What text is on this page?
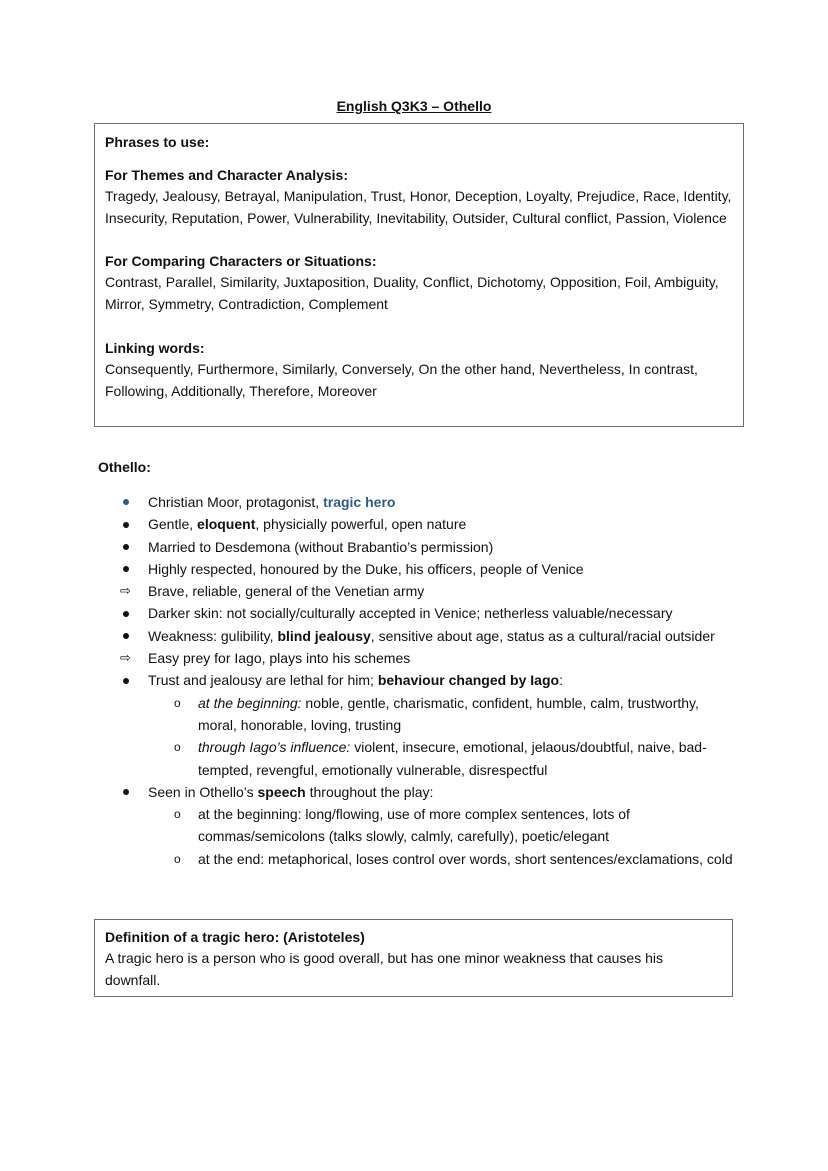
English Q3K3 – Othello

Phrases to use:

For Themes and Character Analysis:

Tragedy, Jealousy, Betrayal, Manipulation, Trust, Honor, Deception, Loyalty, Prejudice, Race, Identity, Insecurity, Reputation, Power, Vulnerability, Inevitability, Outsider, Cultural conflict, Passion, Violence

For Comparing Characters or Situations:

Contrast, Parallel, Similarity, Juxtaposition, Duality, Conflict, Dichotomy, Opposition, Foil, Ambiguity, Mirror, Symmetry, Contradiction, Complement

Linking words:

Consequently, Furthermore, Similarly, Conversely, On the other hand, Nevertheless, In contrast, Following, Additionally, Therefore, Moreover

Othello:
Christian Moor, protagonist, tragic hero
Gentle, eloquent, physicially powerful, open nature
Married to Desdemona (without Brabantio’s permission)
Highly respected, honoured by the Duke, his officers, people of Venice
⇨	Brave, reliable, general of the Venetian army
Darker skin: not socially/culturally accepted in Venice; netherless valuable/necessary
Weakness: gulibility, blind jealousy, sensitive about age, status as a cultural/racial outsider
⇨	Easy prey for Iago, plays into his schemes
Trust and jealousy are lethal for him; behaviour changed by Iago:
o at the beginning: noble, gentle, charismatic, confident, humble, calm, trustworthy, moral, honorable, loving, trusting
o through Iago’s influence: violent, insecure, emotional, jelaous/doubtful, naive, bad-tempted, revengful, emotionally vulnerable, disrespectful
Seen in Othello’s speech throughout the play:
o at the beginning: long/flowing, use of more complex sentences, lots of commas/semicolons (talks slowly, calmly, carefully), poetic/elegant
o at the end: metaphorical, loses control over words, short sentences/exclamations, cold
Definition of a tragic hero: (Aristoteles)
A tragic hero is a person who is good overall, but has one minor weakness that causes his downfall.
